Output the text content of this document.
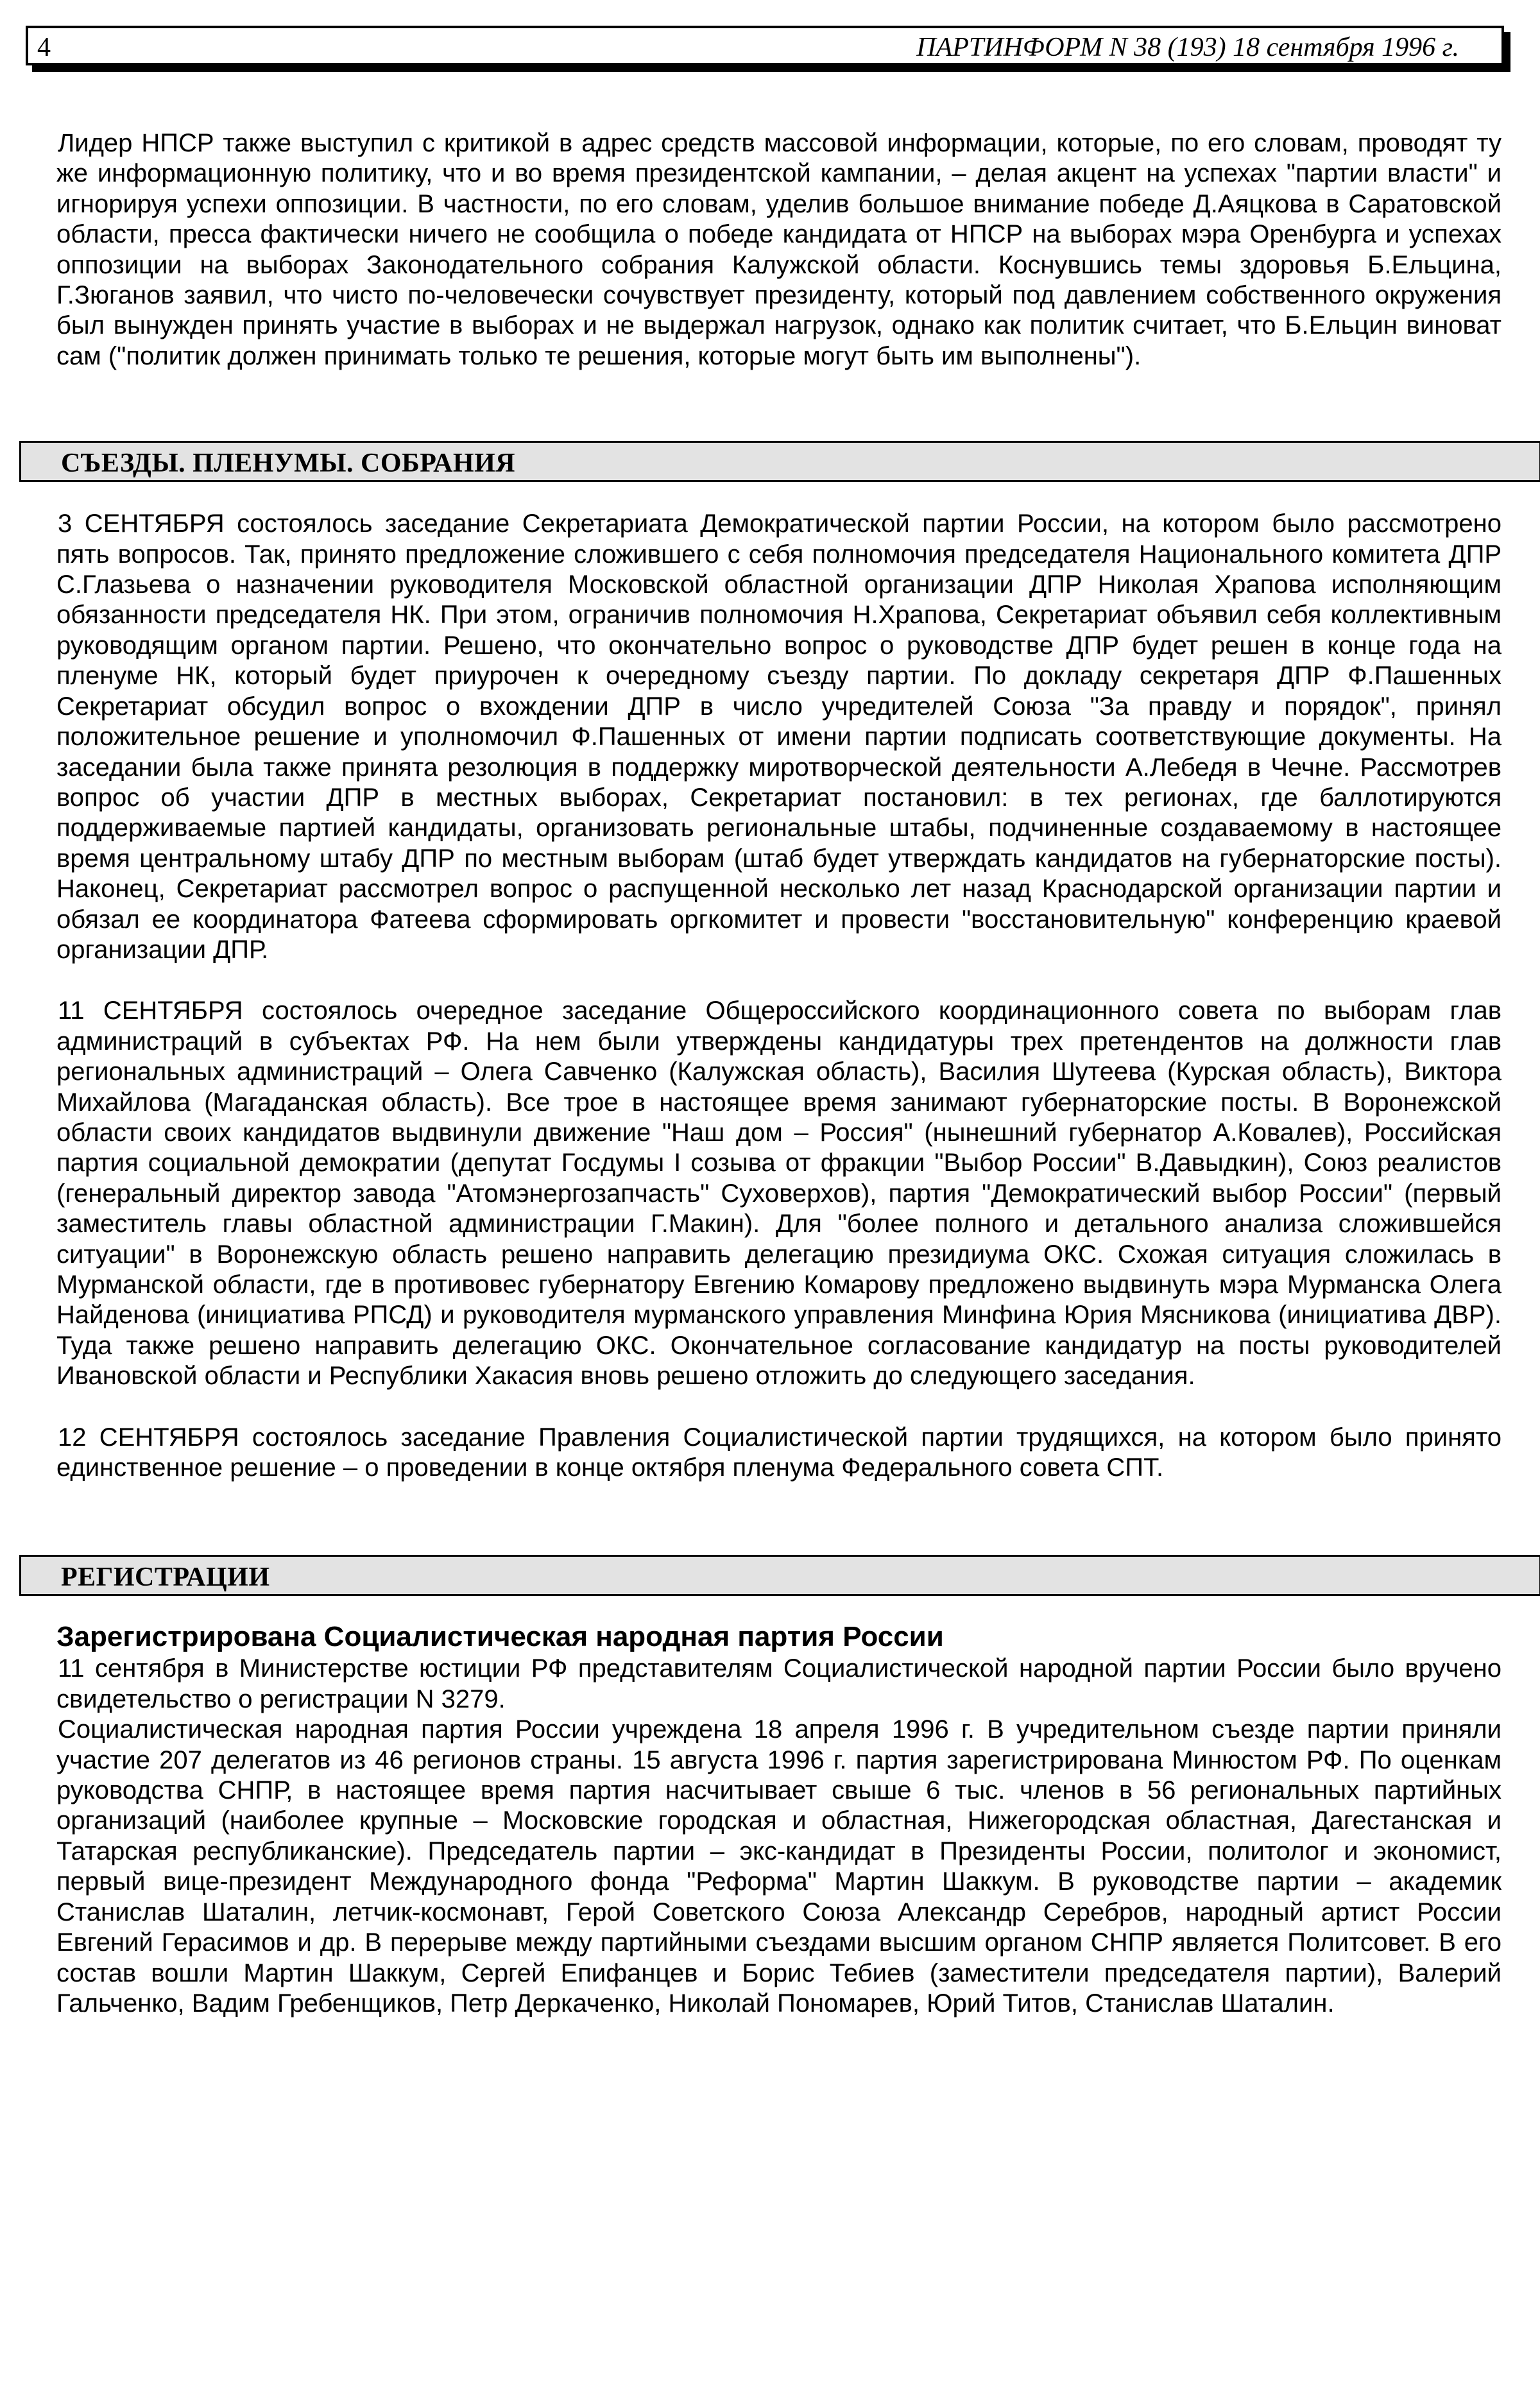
4	ПАРТИНФОРМ N 38 (193) 18 сентября 1996 г.

Лидер НПСР также выступил с критикой в адрес средств массовой информации, которые, по его словам, проводят ту же информационную политику, что и во время президентской кампании, – делая акцент на успехах "партии власти" и игнорируя успехи оппозиции. В частности, по его словам, уделив большое внимание победе Д.Аяцкова в Саратовской области, пресса фактически ничего не сообщила о победе кандидата от НПСР на выборах мэра Оренбурга и успехах оппозиции на выборах Законодательного собрания Калужской области. Коснувшись темы здоровья Б.Ельцина, Г.Зюганов заявил, что чисто по-человечески сочувствует президенту, который под давлением собственного окружения был вынужден принять участие в выборах и не выдержал нагрузок, однако как политик считает, что Б.Ельцин виноват сам ("политик должен принимать только те решения, которые могут быть им выполнены").

СЪЕЗДЫ. ПЛЕНУМЫ. СОБРАНИЯ

3 СЕНТЯБРЯ состоялось заседание Секретариата Демократической партии России, на котором было рассмотрено пять вопросов. Так, принято предложение сложившего с себя полномочия председателя Национального комитета ДПР С.Глазьева о назначении руководителя Московской областной организации ДПР Николая Храпова исполняющим обязанности председателя НК. При этом, ограничив полномочия Н.Храпова, Секретариат объявил себя коллективным руководящим органом партии. Решено, что окончательно вопрос о руководстве ДПР будет решен в конце года на пленуме НК, который будет приурочен к очередному съезду партии. По докладу секретаря ДПР Ф.Пашенных Секретариат обсудил вопрос о вхождении ДПР в число учредителей Союза "За правду и порядок", принял положительное решение и уполномочил Ф.Пашенных от имени партии подписать соответствующие документы. На заседании была также принята резолюция в поддержку миротворческой деятельности А.Лебедя в Чечне. Рассмотрев вопрос об участии ДПР в местных выборах, Секретариат постановил: в тех регионах, где баллотируются поддерживаемые партией кандидаты, организовать региональные штабы, подчиненные создаваемому в настоящее время центральному штабу ДПР по местным выборам (штаб будет утверждать кандидатов на губернаторские посты). Наконец, Секретариат рассмотрел вопрос о распущенной несколько лет назад Краснодарской организации партии и обязал ее координатора Фатеева сформировать оргкомитет и провести "восстановительную" конференцию краевой организации ДПР.

11 СЕНТЯБРЯ состоялось очередное заседание Общероссийского координационного совета по выборам глав администраций в субъектах РФ. На нем были утверждены кандидатуры трех претендентов на должности глав региональных администраций – Олега Савченко (Калужская область), Василия Шутеева (Курская область), Виктора Михайлова (Магаданская область). Все трое в настоящее время занимают губернаторские посты. В Воронежской области своих кандидатов выдвинули движение "Наш дом – Россия" (нынешний губернатор А.Ковалев), Российская партия социальной демократии (депутат Госдумы I созыва от фракции "Выбор России" В.Давыдкин), Союз реалистов (генеральный директор завода "Атомэнергозапчасть" Суховерхов), партия "Демократический выбор России" (первый заместитель главы областной администрации Г.Макин). Для "более полного и детального анализа сложившейся ситуации" в Воронежскую область решено направить делегацию президиума ОКС. Схожая ситуация сложилась в Мурманской области, где в противовес губернатору Евгению Комарову предложено выдвинуть мэра Мурманска Олега Найденова (инициатива РПСД) и руководителя мурманского управления Минфина Юрия Мясникова (инициатива ДВР). Туда также решено направить делегацию ОКС. Окончательное согласование кандидатур на посты руководителей Ивановской области и Республики Хакасия вновь решено отложить до следующего заседания.

12 СЕНТЯБРЯ состоялось заседание Правления Социалистической партии трудящихся, на котором было принято единственное решение – о проведении в конце октября пленума Федерального совета СПТ.

РЕГИСТРАЦИИ
Зарегистрирована Социалистическая народная партия России

11 сентября в Министерстве юстиции РФ представителям Социалистической народной партии России было вручено свидетельство о регистрации N 3279.

Социалистическая народная партия России учреждена 18 апреля 1996 г. В учредительном съезде партии приняли участие 207 делегатов из 46 регионов страны. 15 августа 1996 г. партия зарегистрирована Минюстом РФ. По оценкам руководства СНПР, в настоящее время партия насчитывает свыше 6 тыс. членов в 56 региональных партийных организаций (наиболее крупные – Московские городская и областная, Нижегородская областная, Дагестанская и Татарская республиканские). Председатель партии – экс-кандидат в Президенты России, политолог и экономист, первый вице-президент Международного фонда "Реформа" Мартин Шаккум. В руководстве партии – академик Станислав Шаталин, летчик-космонавт, Герой Советского Союза Александр Серебров, народный артист России Евгений Герасимов и др. В перерыве между партийными съездами высшим органом СНПР является Политсовет. В его состав вошли Мартин Шаккум, Сергей Епифанцев и Борис Тебиев (заместители председателя партии), Валерий Гальченко, Вадим Гребенщиков, Петр Деркаченко, Николай Пономарев, Юрий Титов, Станислав Шаталин.
